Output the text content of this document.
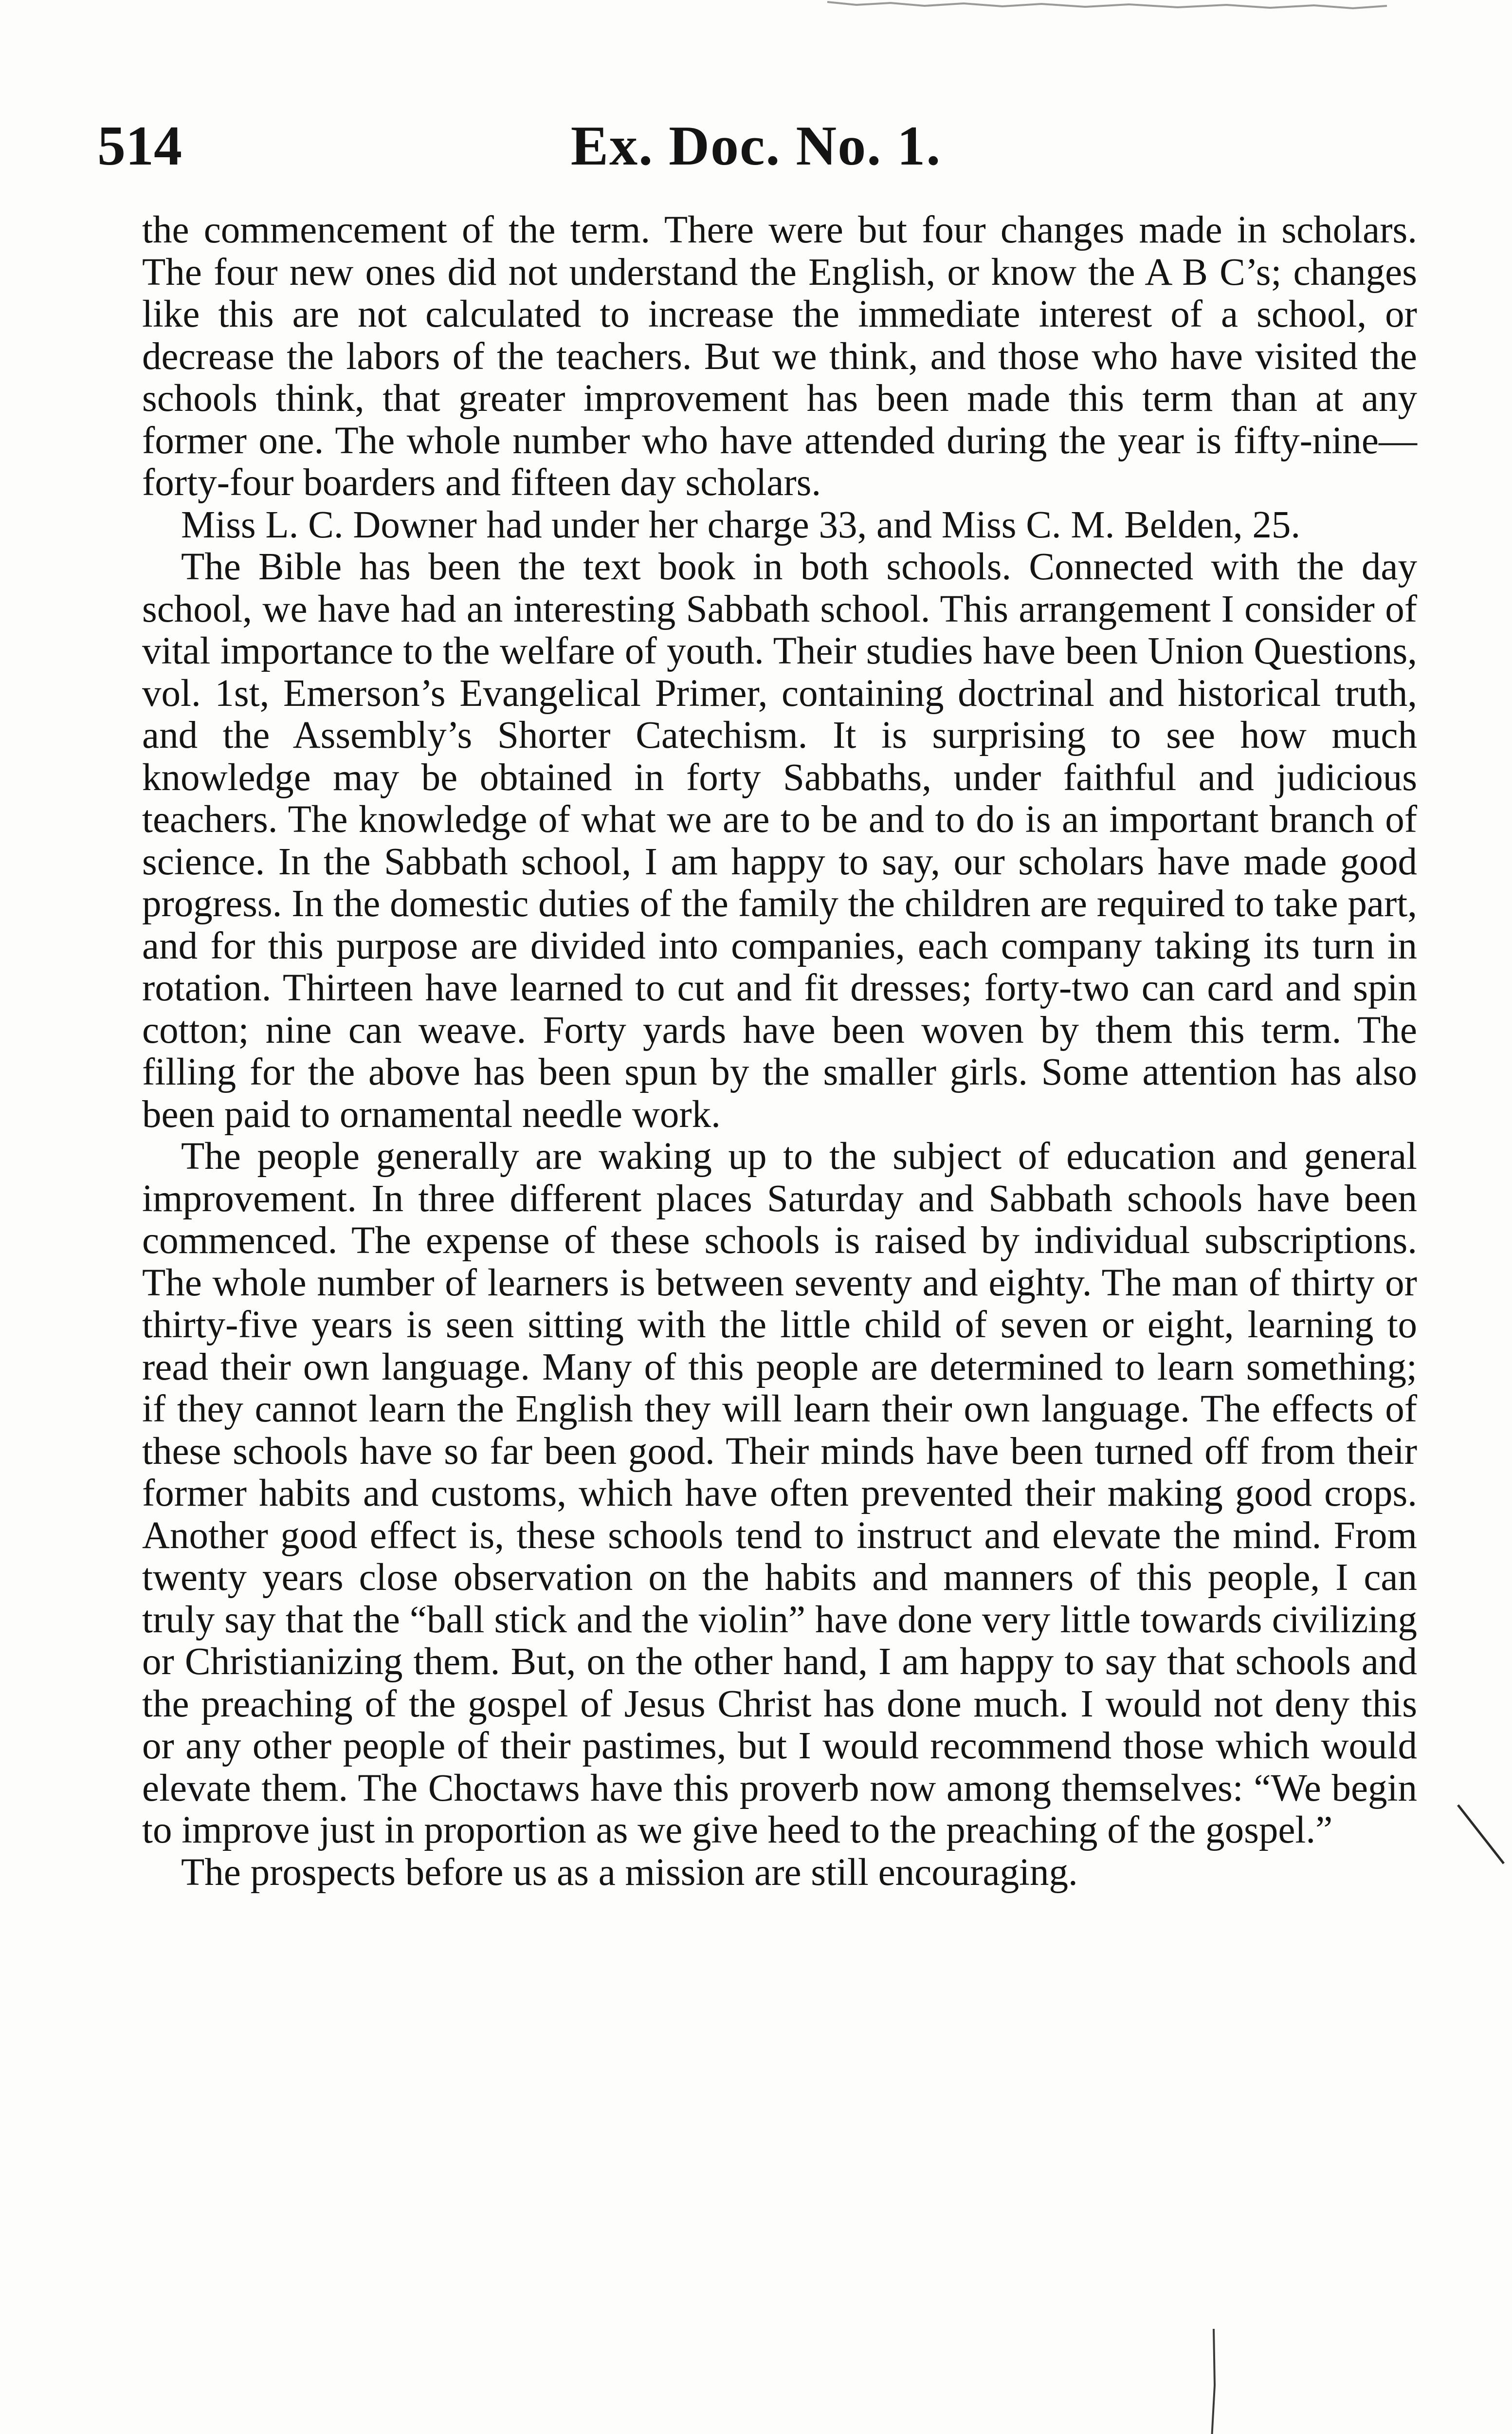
514	Ex. Doc. No. 1.

the commencement of the term. There were but four changes made in scholars. The four new ones did not understand the English, or know the A B C’s; changes like this are not calculated to increase the immediate interest of a school, or decrease the labors of the teachers. But we think, and those who have visited the schools think, that greater improvement has been made this term than at any former one. The whole number who have attended during the year is fifty-nine—forty-four boarders and fifteen day scholars.

Miss L. C. Downer had under her charge 33, and Miss C. M. Belden, 25.

The Bible has been the text book in both schools. Connected with the day school, we have had an interesting Sabbath school. This arrangement I consider of vital importance to the welfare of youth. Their studies have been Union Questions, vol. 1st, Emerson’s Evangelical Primer, containing doctrinal and historical truth, and the Assembly’s Shorter Catechism. It is surprising to see how much knowledge may be obtained in forty Sabbaths, under faithful and judicious teachers. The knowledge of what we are to be and to do is an important branch of science. In the Sabbath school, I am happy to say, our scholars have made good progress. In the domestic duties of the family the children are required to take part, and for this purpose are divided into companies, each company taking its turn in rotation. Thirteen have learned to cut and fit dresses; forty-two can card and spin cotton; nine can weave. Forty yards have been woven by them this term. The filling for the above has been spun by the smaller girls. Some attention has also been paid to ornamental needle work.

The people generally are waking up to the subject of education and general improvement. In three different places Saturday and Sabbath schools have been commenced. The expense of these schools is raised by individual subscriptions. The whole number of learners is between seventy and eighty. The man of thirty or thirty-five years is seen sitting with the little child of seven or eight, learning to read their own language. Many of this people are determined to learn something; if they cannot learn the English they will learn their own language. The effects of these schools have so far been good. Their minds have been turned off from their former habits and customs, which have often prevented their making good crops. Another good effect is, these schools tend to instruct and elevate the mind. From twenty years close observation on the habits and manners of this people, I can truly say that the “ball stick and the violin” have done very little towards civilizing or Christianizing them. But, on the other hand, I am happy to say that schools and the preaching of the gospel of Jesus Christ has done much. I would not deny this or any other people of their pastimes, but I would recommend those which would elevate them. The Choctaws have this proverb now among themselves: “We begin to improve just in proportion as we give heed to the preaching of the gospel.”

The prospects before us as a mission are still encouraging.
